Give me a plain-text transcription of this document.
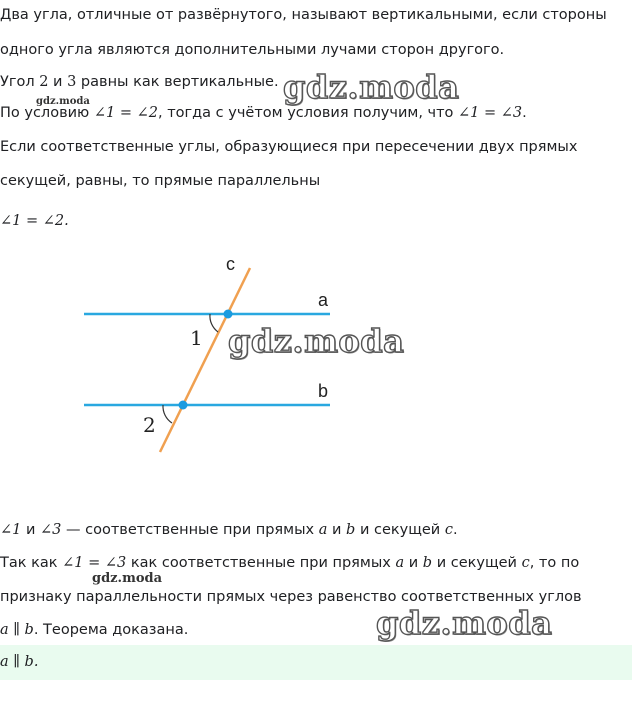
Два угла, отличные от развёрнутого, называют вертикальными, если стороны
одного угла являются дополнительными лучами сторон другого.
Угол 2 и 3 равны как вертикальные.
По условию ∠1 = ∠2, тогда с учётом условия получим, что ∠1 = ∠3.
Если соответственные углы, образующиеся при пересечении двух прямых
секущей, равны, то прямые параллельны
∠1 = ∠2.
c
a
b
1
2
∠1 и ∠3 — соответственные при прямых a и b и секущей c.
Так как ∠1 = ∠3 как соответственные при прямых a и b и секущей c, то по
признаку параллельности прямых через равенство соответственных углов
a ∥ b. Теорема доказана.
a ∥ b.
gdz.moda
gdz.moda
gdz.moda
gdz.moda
gdz.moda
